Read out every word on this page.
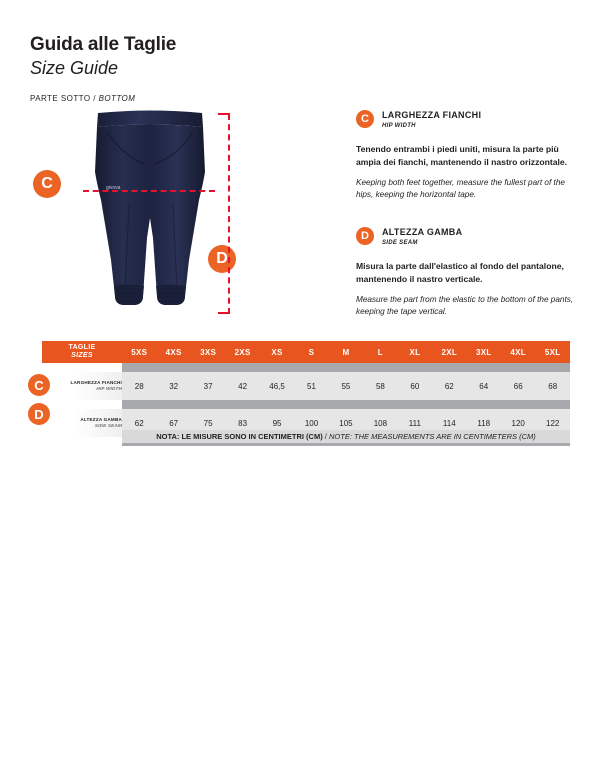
Guida alle Taglie
Size Guide
PARTE SOTTO / BOTTOM
C
D
givova
C	LARGHEZZA FIANCHI
HIP WIDTH
Tenendo entrambi i piedi uniti, misura la parte più ampia dei fianchi, mantenendo il nastro orizzontale.
Keeping both feet together, measure the fullest part of the hips, keeping the horizontal tape.
D	ALTEZZA GAMBA
SIDE SEAM
Misura la parte dall'elastico al fondo del pantalone, mantenendo il nastro verticale.
Measure the part from the elastic to the bottom of the pants, keeping the tape vertical.
TAGLIE
SIZES	5XS	4XS	3XS	2XS	XS	S	M	L	XL	2XL	3XL	4XL	5XL

LARGHEZZA FIANCHI
HIP WIDTH	28	32	37	42	46,5	51	55	58	60	62	64	66	68

ALTEZZA GAMBA
SIDE SEAM	62	67	75	83	95	100	105	108	111	114	118	120	122

C
D
NOTA: LE MISURE SONO IN CENTIMETRI (CM) / NOTE: THE MEASUREMENTS ARE IN CENTIMETERS (CM)
